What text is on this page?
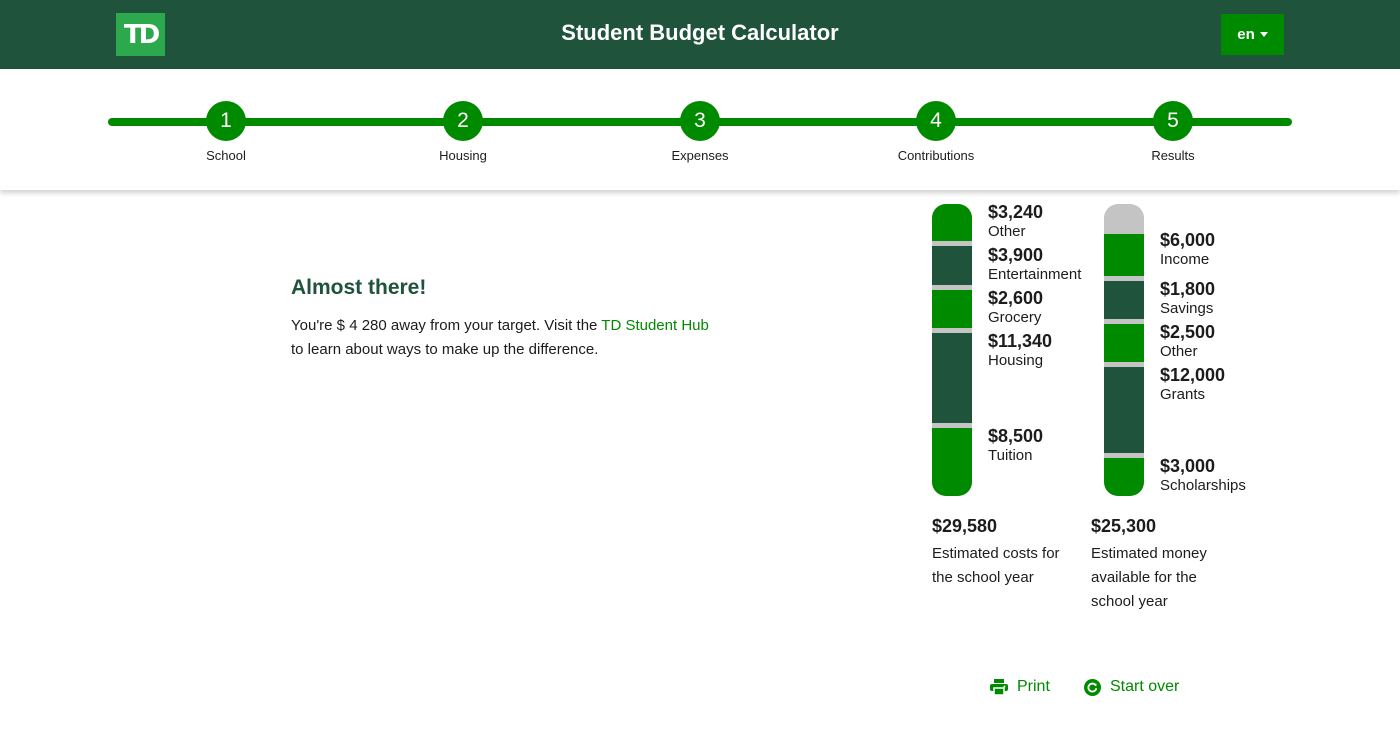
TD	Student Budget Calculator	en
1
School
2
Housing
3
Expenses
4
Contributions
5
Results
Almost there!
You're $ 4 280 away from your target. Visit the TD Student Hub to learn about ways to make up the difference.
$3,240
Other
$3,900
Entertainment
$2,600
Grocery
$11,340
Housing
$8,500
Tuition
$6,000
Income
$1,800
Savings
$2,500
Other
$12,000
Grants
$3,000
Scholarships
$29,580
Estimated costs for the school year
$25,300
Estimated money available for the school year
Print	Start over
